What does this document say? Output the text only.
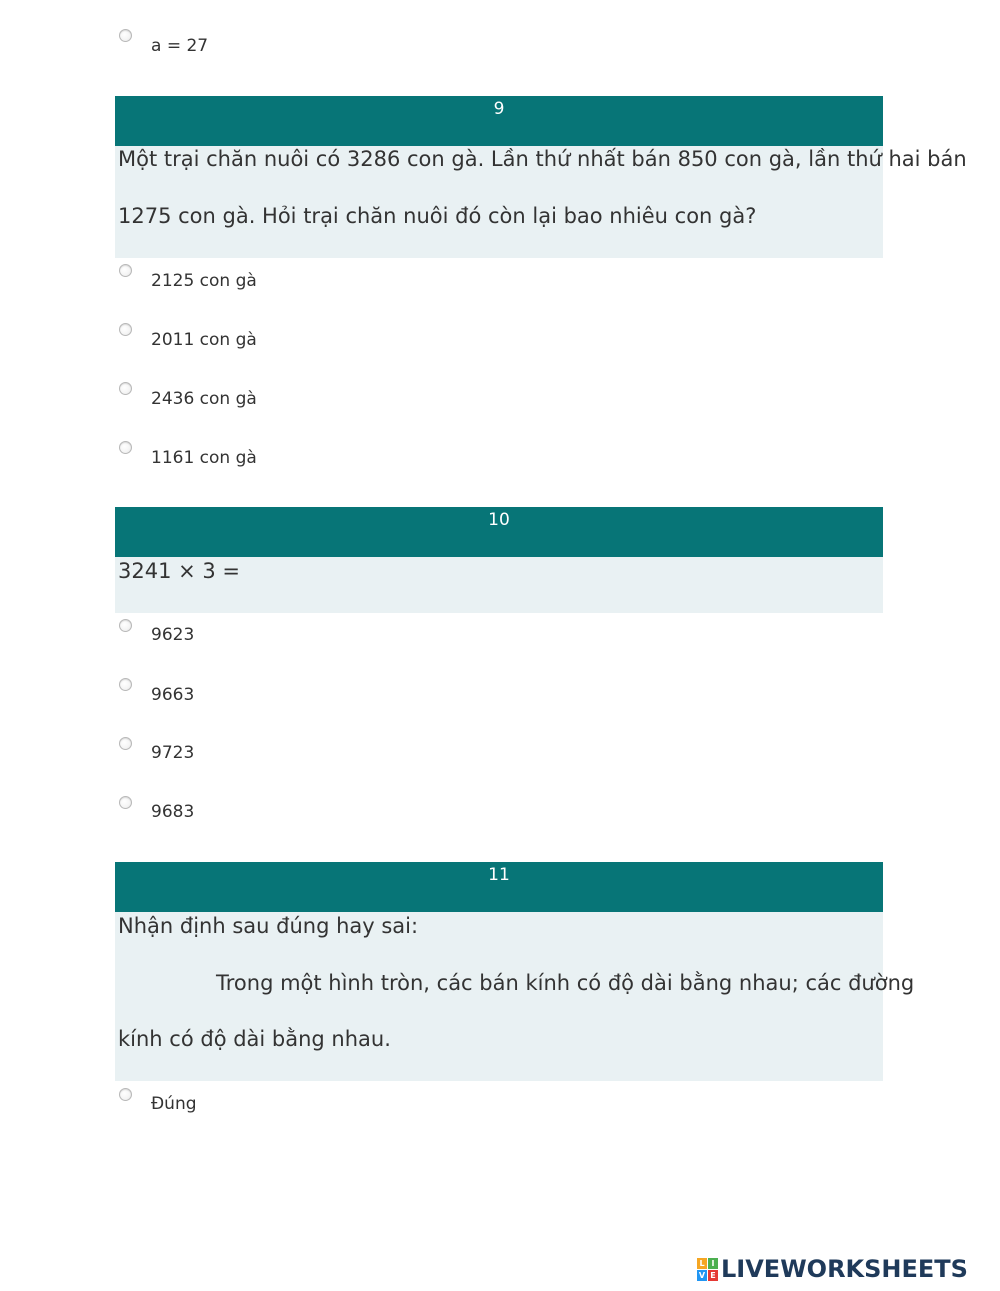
a = 27
9
Một trại chăn nuôi có 3286 con gà. Lần thứ nhất bán 850 con gà, lần thứ hai bán
1275 con gà. Hỏi trại chăn nuôi đó còn lại bao nhiêu con gà?
2125 con gà
2011 con gà
2436 con gà
1161 con gà
10
3241 × 3 =
9623
9663
9723
9683
11
Nhận định sau đúng hay sai:
Trong một hình tròn, các bán kính có độ dài bằng nhau; các đường
kính có độ dài bằng nhau.
Đúng
L I
V E LIVEWORKSHEETS
